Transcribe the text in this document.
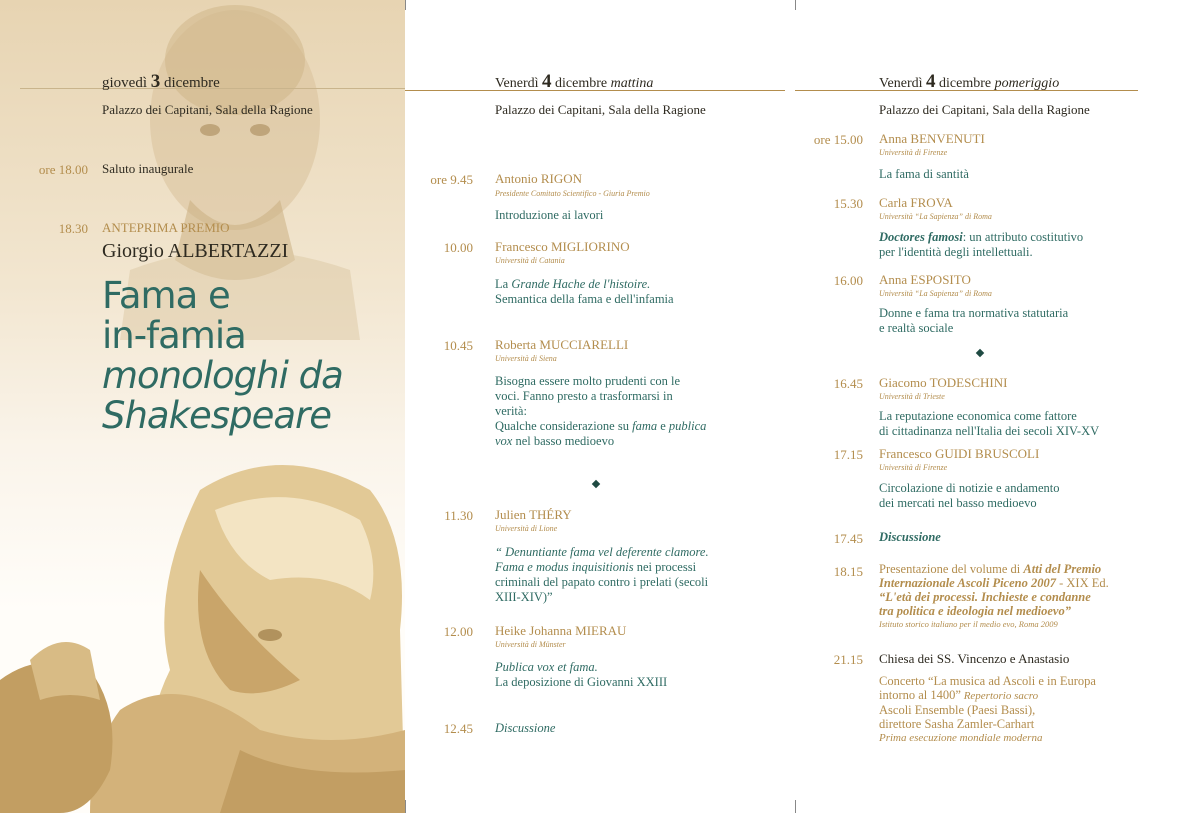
giovedì 3 dicembre
Palazzo dei Capitani, Sala della Ragione
ore 18.00 Saluto inaugurale
18.30 ANTEPRIMA PREMIO
Giorgio ALBERTAZZI
Fama e
in-famia
monologhi da
Shakespeare
Venerdì 4 dicembre mattina
Palazzo dei Capitani, Sala della Ragione
ore 9.45 Antonio RIGON
Presidente Comitato Scientifico - Giuria Premio
Introduzione ai lavori
10.00 Francesco MIGLIORINO
Università di Catania
La Grande Hache de l'histoire.
Semantica della fama e dell'infamia
10.45 Roberta MUCCIARELLI
Università di Siena
Bisogna essere molto prudenti con le
voci. Fanno presto a trasformarsi in
verità:
Qualche considerazione su fama e publica
vox nel basso medioevo
11.30 Julien THÉRY
Università di Lione
“ Denuntiante fama vel deferente clamore.
Fama e modus inquisitionis nei processi
criminali del papato contro i prelati (secoli
XIII-XIV)”
12.00 Heike Johanna MIERAU
Università di Münster
Publica vox et fama.
La deposizione di Giovanni XXIII
12.45 Discussione
Venerdì 4 dicembre pomeriggio
Palazzo dei Capitani, Sala della Ragione
ore 15.00 Anna BENVENUTI
Università di Firenze
La fama di santità
15.30 Carla FROVA
Università “La Sapienza” di Roma
Doctores famosi: un attributo costitutivo
per l'identità degli intellettuali.
16.00 Anna ESPOSITO
Università “La Sapienza” di Roma
Donne e fama tra normativa statutaria
e realtà sociale
16.45 Giacomo TODESCHINI
Università di Trieste
La reputazione economica come fattore
di cittadinanza nell'Italia dei secoli XIV-XV
17.15 Francesco GUIDI BRUSCOLI
Università di Firenze
Circolazione di notizie e andamento
dei mercati nel basso medioevo
17.45 Discussione
18.15 Presentazione del volume di Atti del Premio
Internazionale Ascoli Piceno 2007 - XIX Ed.
“L'età dei processi. Inchieste e condanne
tra politica e ideologia nel medioevo”
Istituto storico italiano per il medio evo, Roma 2009
21.15 Chiesa dei SS. Vincenzo e Anastasio
Concerto “La musica ad Ascoli e in Europa
intorno al 1400” Repertorio sacro
Ascoli Ensemble (Paesi Bassi),
direttore Sasha Zamler-Carhart
Prima esecuzione mondiale moderna
